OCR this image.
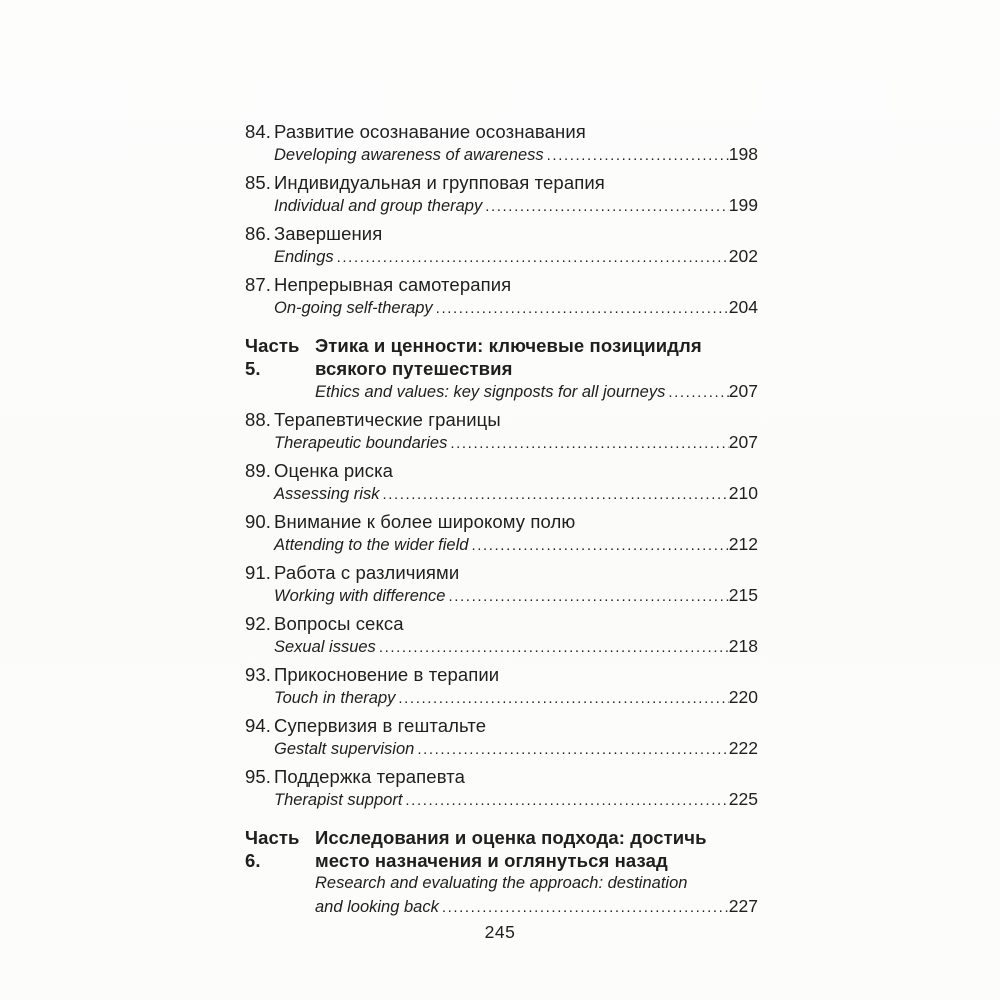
84. Развитие осознавание осознавания
Developing awareness of awareness .....	198
85. Индивидуальная и групповая терапия
Individual and group therapy .....	199
86. Завершения
Endings .....	202
87. Непрерывная самотерапия
On-going self-therapy .....	204
Часть 5.
Этика и ценности: ключевые позициидля всякого путешествия
Ethics and values: key signposts for all journeys .....	207
88. Терапевтические границы
Therapeutic boundaries .....	207
89. Оценка риска
Assessing risk .....	210
90. Внимание к более широкому полю
Attending to the wider field .....	212
91. Работа с различиями
Working with difference .....	215
92. Вопросы секса
Sexual issues .....	218
93. Прикосновение в терапии
Touch in therapy .....	220
94. Супервизия в гештальте
Gestalt supervision .....	222
95. Поддержка терапевта
Therapist support .....	225
Часть 6.
Исследования и оценка подхода: достичь место назначения и оглянуться назад
Research and evaluating the approach: destination
and looking back .....	227
245
